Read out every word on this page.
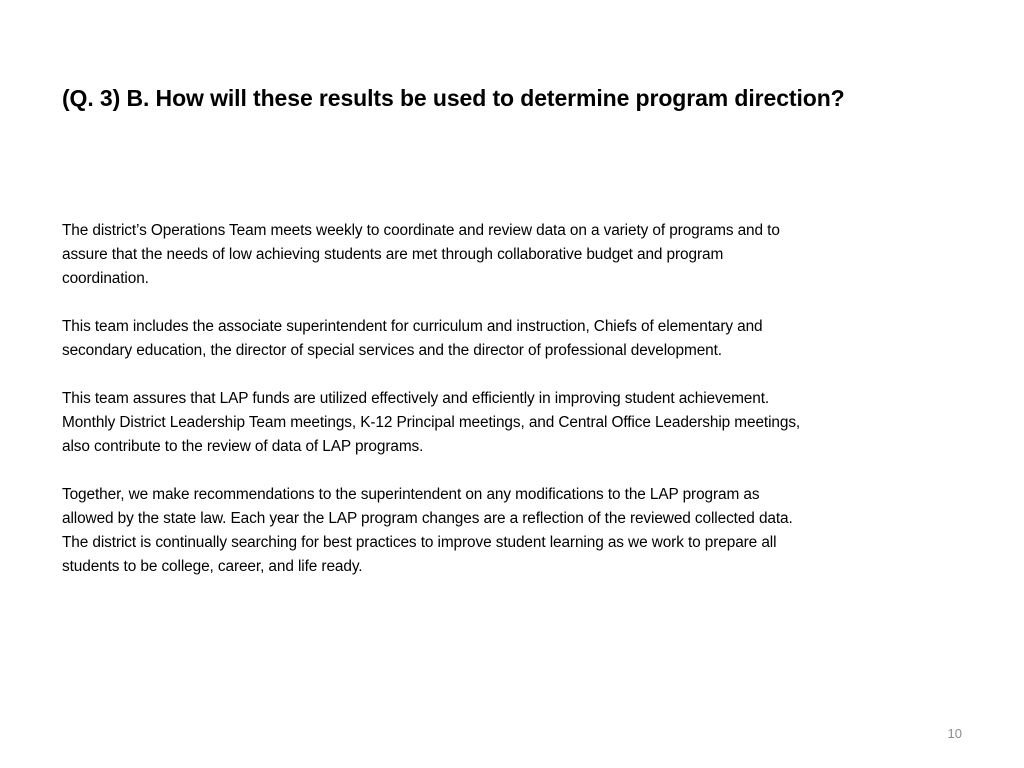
(Q. 3) B. How will these results be used to determine program direction?

The district’s Operations Team meets weekly to coordinate and review data on a variety of programs and to
assure that the needs of low achieving students are met through collaborative budget and program
coordination.

This team includes the associate superintendent for curriculum and instruction, Chiefs of elementary and
secondary education, the director of special services and the director of professional development.

This team assures that LAP funds are utilized effectively and efficiently in improving student achievement.
Monthly District Leadership Team meetings, K-12 Principal meetings, and Central Office Leadership meetings,
also contribute to the review of data of LAP programs.

Together, we make recommendations to the superintendent on any modifications to the LAP program as
allowed by the state law. Each year the LAP program changes are a reflection of the reviewed collected data.
The district is continually searching for best practices to improve student learning as we work to prepare all
students to be college, career, and life ready.

10
